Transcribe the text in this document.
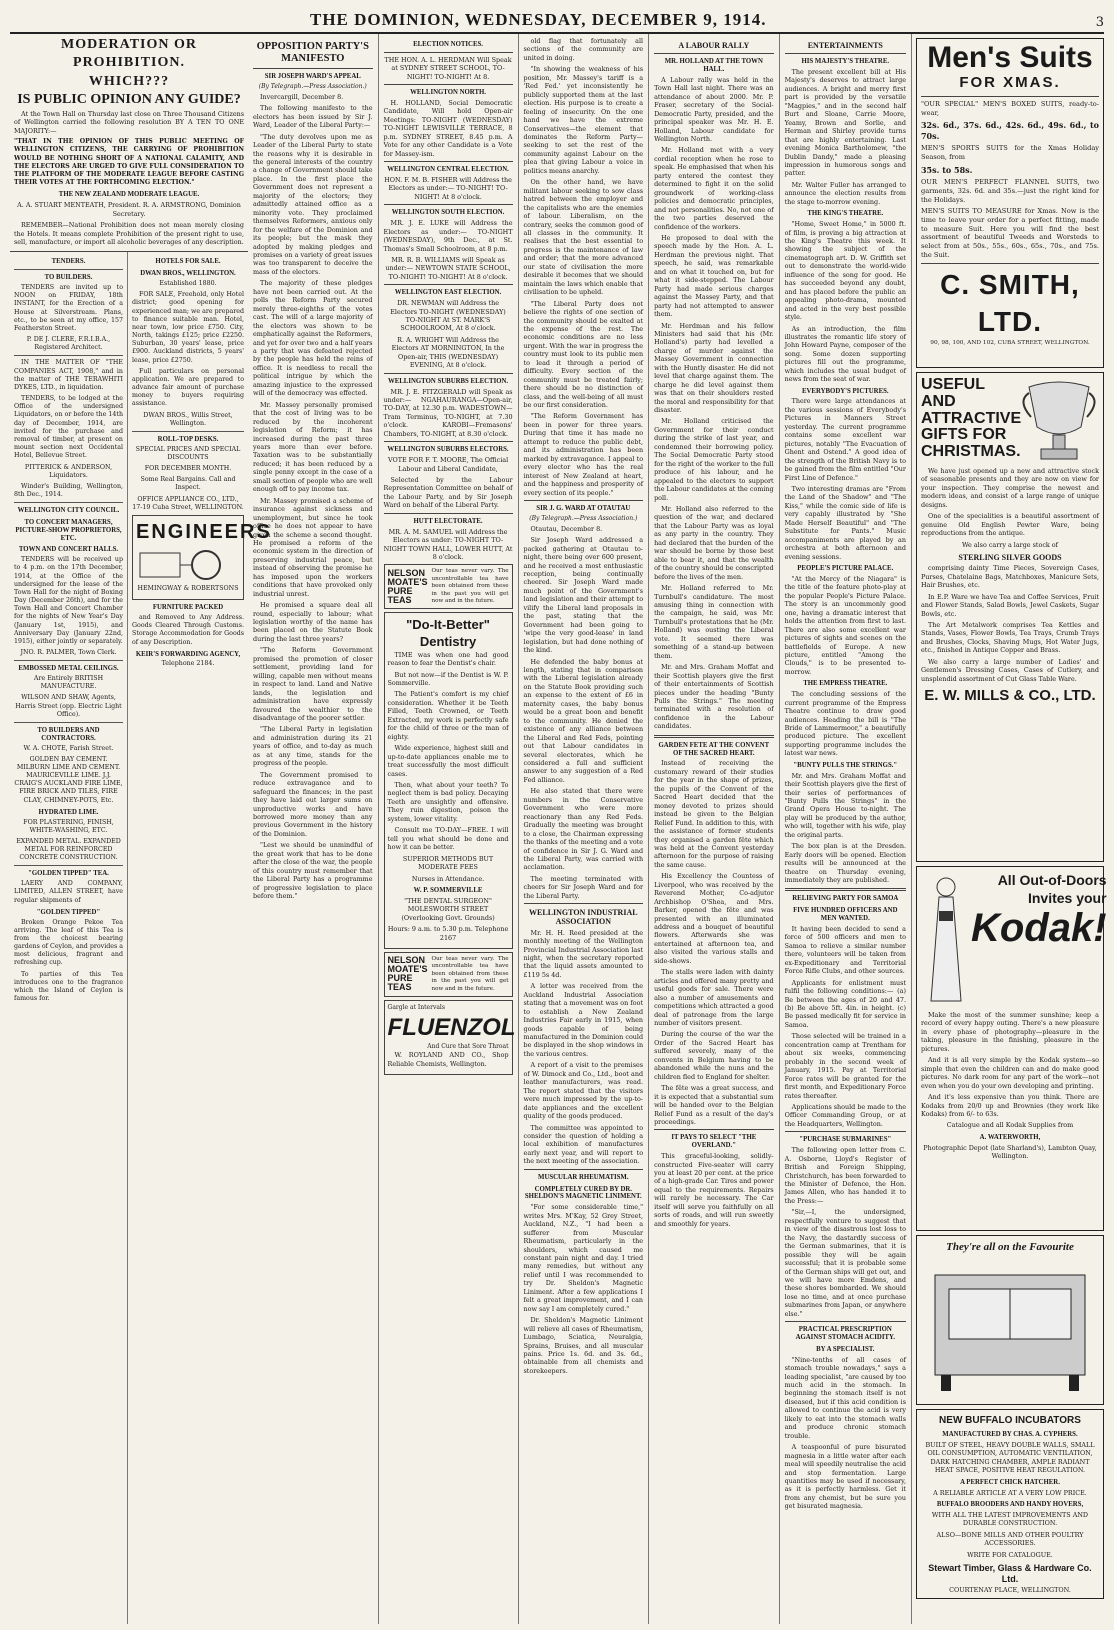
THE DOMINION, WEDNESDAY, DECEMBER 9, 1914.	3
MODERATION OR PROHIBITION.
WHICH???
IS PUBLIC OPINION ANY GUIDE?

At the Town Hall on Thursday last close on Three Thousand Citizens of Wellington carried the following resolution BY A TEN TO ONE MAJORITY:—

"THAT IN THE OPINION OF THIS PUBLIC MEETING OF WELLINGTON CITIZENS, THE CARRYING OF PROHIBITION WOULD BE NOTHING SHORT OF A NATIONAL CALAMITY, AND THE ELECTORS ARE URGED TO GIVE FULL CONSIDERATION TO THE PLATFORM OF THE MODERATE LEAGUE BEFORE CASTING THEIR VOTES AT THE FORTHCOMING ELECTION."

THE NEW ZEALAND MODERATE LEAGUE.

A. A. STUART MENTEATH, President. R. A. ARMSTRONG, Dominion Secretary.

REMEMBER—National Prohibition does not mean merely closing the Hotels. It means complete Prohibition of the present right to use, sell, manufacture, or import all alcoholic beverages of any description.

TENDERS.
TO BUILDERS.

TENDERS are invited up to NOON on FRIDAY, 18th INSTANT, for the Erection of a House at Silverstream. Plans, etc., to be seen at my office, 157 Featherston Street.

P. DE J. CLERE, F.R.I.B.A., Registered Architect.

IN THE MATTER OF "THE COMPANIES ACT, 1908," and in the matter of THE TERAWHITI DYKES, LTD., in liquidation.

TENDERS, to be lodged at the Office of the undersigned Liquidators, on or before the 14th day of December, 1914, are invited for the purchase and removal of timber, at present on mount section next Occidental Hotel, Bellevue Street.

PITTERICK & ANDERSON, Liquidators.

Winder's Building, Wellington, 8th Dec., 1914.

WELLINGTON CITY COUNCIL.
TO CONCERT MANAGERS, PICTURE-SHOW PROPRIETORS, ETC.
TOWN AND CONCERT HALLS.

TENDERS will be received up to 4 p.m. on the 17th December, 1914, at the Office of the undersigned for the lease of the Town Hall for the night of Boxing Day (December 26th), and for the Town Hall and Concert Chamber for the nights of New Year's Day (January 1st, 1915), and Anniversary Day (January 22nd, 1915), either jointly or separately.

JNO. R. PALMER, Town Clerk.

EMBOSSED METAL CEILINGS.

Are Entirely BRITISH MANUFACTURE.

WILSON AND SHAW, Agents, Harris Street (opp. Electric Light Office).

TO BUILDERS AND CONTRACTORS.

W. A. CHOTE, Farish Street.

GOLDEN BAY CEMENT. MILBURN LIME AND CEMENT. MAURICEVILLE LIME. J.J. CRAIG'S AUCKLAND FIRE LIME, FIRE BRICK AND TILES, FIRE CLAY, CHIMNEY-POTS, Etc.

HYDRATED LIME.

FOR PLASTERING, FINISH, WHITE-WASHING, ETC.

EXPANDED METAL. EXPANDED METAL FOR REINFORCED CONCRETE CONSTRUCTION.

"GOLDEN TIPPED" TEA.

LAERY AND COMPANY, LIMITED, ALLEN STREET, have regular shipments of

"GOLDEN TIPPED"

Broken Orange Pekoe Tea arriving. The leaf of this Tea is from the choicest bearing gardens of Ceylon, and provides a most delicious, fragrant and refreshing cup.

To parties of this Tea introduces one to the fragrance which the Island of Ceylon is famous for.

HOTELS FOR SALE.
DWAN BROS., WELLINGTON.

Established 1880.

FOR SALE, Freehold, only Hotel district; good opening for experienced man; we are prepared to finance suitable man. Hotel, near town, low price £750. City, North, takings £125; price £2250. Suburban, 30 years' lease, price £900. Auckland districts, 5 years' lease, price £2750.

Full particulars on personal application. We are prepared to advance fair amount of purchase money to buyers requiring assistance.

DWAN BROS., Willis Street, Wellington.

ROLL-TOP DESKS.

SPECIAL PRICES AND SPECIAL DISCOUNTS

FOR DECEMBER MONTH.

Some Real Bargains. Call and Inspect.

OFFICE APPLIANCE CO., LTD., 17-19 Cuba Street, WELLINGTON.

ENGINEERS

HEMINGWAY & ROBERTSONS

FURNITURE PACKED

and Removed to Any Address. Goods Cleared Through Customs. Storage Accommodation for Goods of any Description.

KEIR'S FORWARDING AGENCY,

Telephone 2184.

OPPOSITION PARTY'S MANIFESTO
SIR JOSEPH WARD'S APPEAL
(By Telegraph.—Press Association.)

Invercargill, December 8.

The following manifesto to the electors has been issued by Sir J. Ward, Leader of the Liberal Party:—

"The duty devolves upon me as Leader of the Liberal Party to state the reasons why it is desirable in the general interests of the country a change of Government should take place. In the first place the Government does not represent a majority of the electors; they admittedly attained office as a minority vote. They proclaimed themselves Reformers, anxious only for the welfare of the Dominion and its people; but the mask they adopted by making pledges and promises on a variety of great issues was too transparent to deceive the mass of the electors.

The majority of these pledges have not been carried out. At the polls the Reform Party secured merely three-eighths of the votes cast. The will of a large majority of the electors was shown to be emphatically against the Reformers, and yet for over two and a half years a party that was defeated rejected by the people has held the reins of office. It is needless to recall the political intrigue by which the amazing injustice to the expressed will of the democracy was effected.

Mr. Massey personally promised that the cost of living was to be reduced by the incoherent legislation of Reform; it has increased during the past three years more than ever before. Taxation was to be substantially reduced; it has been reduced by a single penny except in the case of a small section of people who are well enough off to pay income tax.

Mr. Massey promised a scheme of insurance against sickness and unemployment, but since he took office he does not appear to have given the scheme a second thought. He promised a reform of the economic system in the direction of preserving industrial peace, but instead of observing the promise he has imposed upon the workers conditions that have provoked only industrial unrest.

He promised a square deal all round, especially to labour; what legislation worthy of the name has been placed on the Statute Book during the last three years?

"The Reform Government promised the promotion of closer settlement, providing land for willing, capable men without means in respect to land. Land and Native lands, the legislation and administration have expressly favoured the wealthier to the disadvantage of the poorer settler.

"The Liberal Party in legislation and administration during its 21 years of office, and to-day as much as at any time, stands for the progress of the people.

The Government promised to reduce extravagance and to safeguard the finances; in the past they have laid out larger sums on unproductive works and have borrowed more money than any previous Government in the history of the Dominion.

"Lest we should be unmindful of the great work that has to be done after the close of the war, the people of this country must remember that the Liberal Party has a programme of progressive legislation to place before them."

ELECTION NOTICES.

THE HON. A. L. HERDMAN Will Speak at SYDNEY STREET SCHOOL, TO-NIGHT! TO-NIGHT! At 8.

WELLINGTON NORTH.

H. HOLLAND, Social Democratic Candidate, Will hold Open-air Meetings: TO-NIGHT (WEDNESDAY) TO-NIGHT LEWISVILLE TERRACE, 8 p.m. SYDNEY STREET, 8.45 p.m. A Vote for any other Candidate is a Vote for Massey-ism.

WELLINGTON CENTRAL ELECTION.

HON. F. M. B. FISHER will Address the Electors as under:— TO-NIGHT! TO-NIGHT! At 8 o'clock.

WELLINGTON SOUTH ELECTION.

MR. J. E. LUKE will Address the Electors as under:— TO-NIGHT (WEDNESDAY), 9th Dec., at St. Thomas's Small Schoolroom, at 8 p.m.

MR. R. B. WILLIAMS will Speak as under:— NEWTOWN STATE SCHOOL, TO-NIGHT! TO-NIGHT! At 8 o'clock.

WELLINGTON EAST ELECTION.

DR. NEWMAN will Address the Electors TO-NIGHT (WEDNESDAY) TO-NIGHT At ST. MARK'S SCHOOLROOM, At 8 o'clock.

R. A. WRIGHT Will Address the Electors AT MORNINGTON, In the Open-air, THIS (WEDNESDAY) EVENING, At 8 o'clock.

WELLINGTON SUBURBS ELECTION.

MR. J. E. FITZGERALD will Speak as under:— NGAHAURANGA—Open-air, TO-DAY, at 12.30 p.m. WADESTOWN—Tram Terminus, TO-NIGHT, at 7.30 o'clock. KAROBI—Fremasons' Chambers, TO-NIGHT, at 8.30 o'clock.

WELLINGTON SUBURBS ELECTORS.

VOTE FOR F. T. MOORE, The Official Labour and Liberal Candidate,

Selected by the Labour Representation Committee on behalf of the Labour Party, and by Sir Joseph Ward on behalf of the Liberal Party.

HUTT ELECTORATE.

MR. A. M. SAMUEL will Address the Electors as under: TO-NIGHT TO-NIGHT TOWN HALL, LOWER HUTT, At 8 o'clock.

NELSON MOATE'S PURE TEAS
Our teas never vary. The uncontrollable tea have been obtained from these in the past you will get now and in the future.
"Do-It-Better" Dentistry

TIME was when one had good reason to fear the Dentist's chair.

But not now—if the Dentist is W. P. Sommerville.

The Patient's comfort is my chief consideration. Whether it be Teeth Filled, Teeth Crowned, or Teeth Extracted, my work is perfectly safe for the child of three or the man of eighty.

Wide experience, highest skill and up-to-date appliances enable me to treat successfully the most difficult cases.

Then, what about your teeth? To neglect them is bad policy. Decaying Teeth are unsightly and offensive. They ruin digestion, poison the system, lower vitality.

Consult me TO-DAY—FREE. I will tell you what should be done and how it can be better.

SUPERIOR METHODS BUT MODERATE FEES

Nurses in Attendance.

W. P. SOMMERVILLE

"THE DENTAL SURGEON" MOLESWORTH STREET (Overlooking Govt. Grounds)

Hours: 9 a.m. to 5.30 p.m. Telephone 2167

NELSON MOATE'S PURE TEAS
Our teas never vary. The uncontrollable tea have been obtained from these in the past you will get now and in the future.
Gargle at Intervals
FLUENZOL
And Cure that Sore Throat

W. ROYLAND AND CO., Shop Reliable Chemists, Wellington.

old flag that fortunately all sections of the community are united in doing.

"In showing the weakness of his position, Mr. Massey's tariff is a 'Red Fed.' yet inconsistently he publicly supported them at the last election. His purpose is to create a feeling of insecurity. On the one hand we have the extreme Conservatives—the element that dominates the Reform Party—seeking to set the rest of the community against Labour on the plea that giving Labour a voice in politics means anarchy.

On the other hand, we have militant labour seeking to sow class hatred between the employer and the capitalists who are the enemies of labour. Liberalism, on the contrary, seeks the common good of all classes in the community. It realises that the best essential to progress is the maintenance of law and order; that the more advanced our state of civilisation the more desirable it becomes that we should maintain the laws which enable that civilisation to be upheld.

"The Liberal Party does not believe the rights of one section of the community should be exalted at the expense of the rest. The economic conditions are no less urgent. With the war in progress the country must look to its public men to lead it through a period of difficulty. Every section of the community must be treated fairly; there should be no distinction of class, and the well-being of all must be our first consideration.

"The Reform Government has been in power for three years. During that time it has made no attempt to reduce the public debt, and its administration has been marked by extravagance. I appeal to every elector who has the real interest of New Zealand at heart, and the happiness and prosperity of every section of its people."

SIR J. G. WARD AT OTAUTAU
(By Telegraph.—Press Association.)

Otautau, December 8.

Sir Joseph Ward addressed a packed gathering at Otautau to-night, there being over 600 present, and he received a most enthusiastic reception, being continually cheered. Sir Joseph Ward made much point of the Government's land legislation and their attempt to vilify the Liberal land proposals in the past, stating that the Government had been going to 'wipe the very good-lease' in land legislation, but had done nothing of the kind.

He defended the baby bonus at length, stating that in comparison with the Liberal legislation already on the Statute Book providing such an expense to the extent of £6 in maternity cases, the baby bonus would be a great boon and benefit to the community. He denied the existence of any alliance between the Liberal and Red Feds, pointing out that Labour candidates in several electorates, which he considered a full and sufficient answer to any suggestion of a Red Fed alliance.

He also stated that there were numbers in the Conservative Government who were more reactionary than any Red Feds. Gradually the meeting was brought to a close, the Chairman expressing the thanks of the meeting and a vote of confidence in Sir J. G. Ward and the Liberal Party, was carried with acclamation.

The meeting terminated with cheers for Sir Joseph Ward and for the Liberal Party.

WELLINGTON INDUSTRIAL ASSOCIATION

Mr. H. H. Reed presided at the monthly meeting of the Wellington Provincial Industrial Association last night, when the secretary reported that the liquid assets amounted to £119 5s 4d.

A letter was received from the Auckland Industrial Association stating that a movement was on foot to establish a New Zealand Industries Fair early in 1915, when goods capable of being manufactured in the Dominion could be displayed in the shop windows in the various centres.

A report of a visit to the premises of W. Dimock and Co., Ltd., boot and leather manufacturers, was read. The report stated that the visitors were much impressed by the up-to-date appliances and the excellent quality of the goods produced.

The committee was appointed to consider the question of holding a local exhibition of manufactures early next year, and will report to the next meeting of the association.

MUSCULAR RHEUMATISM.
COMPLETELY CURED BY DR. SHELDON'S MAGNETIC LINIMENT.

"For some considerable time," writes Mrs. M'Kay, 52 Grey Street, Auckland, N.Z., "I had been a sufferer from Muscular Rheumatism, particularly in the shoulders, which caused me constant pain night and day. I tried many remedies, but without any relief until I was recommended to try Dr. Sheldon's Magnetic Liniment. After a few applications I felt a great improvement, and I can now say I am completely cured."

Dr. Sheldon's Magnetic Liniment will relieve all cases of Rheumatism, Lumbago, Sciatica, Neuralgia, Sprains, Bruises, and all muscular pains. Price 1s. 6d. and 3s. 6d., obtainable from all chemists and storekeepers.

A LABOUR RALLY
MR. HOLLAND AT THE TOWN HALL.

A Labour rally was held in the Town Hall last night. There was an attendance of about 2000. Mr. P. Fraser, secretary of the Social-Democratic Party, presided, and the principal speaker was Mr. H. E. Holland, Labour candidate for Wellington North.

Mr. Holland met with a very cordial reception when he rose to speak. He emphasised that when his party entered the contest they determined to fight it on the solid groundwork of working-class policies and democratic principles, and not personalities. No, not one of the two parties deserved the confidence of the workers.

He proposed to deal with the speech made by the Hon. A. L. Herdman the previous night. That speech, he said, was remarkable and on what it touched on, but for what it side-stepped. The Labour Party had made serious charges against the Massey Party, and that party had not attempted to answer them.

Mr. Herdman and his fellow Ministers had said that his (Mr. Holland's) party had levelled a charge of murder against the Massey Government in connection with the Huntly disaster. He did not level that charge against them. The charge he did level against them was that on their shoulders rested the moral and responsibility for that disaster.

Mr. Holland criticised the Government for their conduct during the strike of last year, and condemned their borrowing policy. The Social Democratic Party stood for the right of the worker to the full produce of his labour, and he appealed to the electors to support the Labour candidates at the coming poll.

Mr. Holland also referred to the question of the war, and declared that the Labour Party was as loyal as any party in the country. They had declared that the burden of the war should be borne by those best able to bear it, and that the wealth of the country should be conscripted before the lives of the men.

Mr. Holland referred to Mr. Turnbull's candidature. The most amusing thing in connection with the campaign, he said, was Mr. Turnbull's protestations that he (Mr. Holland) was ousting the Liberal vote. It seemed there was something of a stand-up between them.

Mr. and Mrs. Graham Moffat and their Scottish players give the first of their entertainments of Scottish pieces under the heading "Bunty Pulls the Strings." The meeting terminated with a resolution of confidence in the Labour candidates.

GARDEN FETE AT THE CONVENT OF THE SACRED HEART.

Instead of receiving the customary reward of their studies for the year in the shape of prizes, the pupils of the Convent of the Sacred Heart decided that the money devoted to prizes should instead be given to the Belgian Relief Fund. In addition to this, with the assistance of former students they organised a garden fête which was held at the Convent yesterday afternoon for the purpose of raising the same cause.

His Excellency the Countess of Liverpool, who was received by the Reverend Mother, Co-adjutor Archbishop O'Shea, and Mrs. Barker, opened the fête and was presented with an illuminated address and a bouquet of beautiful flowers. Afterwards she was entertained at afternoon tea, and also visited the various stalls and side-shows.

The stalls were laden with dainty articles and offered many pretty and useful goods for sale. There were also a number of amusements and competitions which attracted a good deal of patronage from the large number of visitors present.

During the course of the war the Order of the Sacred Heart has suffered severely, many of the convents in Belgium having to be abandoned while the nuns and the children fled to England for shelter.

The fête was a great success, and it is expected that a substantial sum will be handed over to the Belgian Relief Fund as a result of the day's proceedings.

IT PAYS TO SELECT "THE OVERLAND."

This graceful-looking, solidly-constructed Five-seater will carry you at least 20 per cent. at the price of a high-grade Car. Tires and power equal to the requirements. Repairs will rarely be necessary. The Car itself will serve you faithfully on all sorts of roads, and will run sweetly and smoothly for years.

ENTERTAINMENTS
HIS MAJESTY'S THEATRE.

The present excellent bill at His Majesty's deserves to attract large audiences. A bright and merry first part is provided by the versatile "Magpies," and in the second half Burt and Sloane, Carrie Moore, Yeamy, Brown and Sorlie, and Herman and Shirley provide turns that are highly entertaining. Last evening Monica Bartholomew, "the Dublin Dandy," made a pleasing impression in humorous songs and patter.

Mr. Walter Fuller has arranged to announce the election results from the stage to-morrow evening.

THE KING'S THEATRE.

"Home, Sweet Home," in 5000 ft. of film, is proving a big attraction at the King's Theatre this week. It showing the subject of the cinematograph art. D. W. Griffith set out to demonstrate the world-wide influence of the song for good. He has succeeded beyond any doubt, and has placed before the public an appealing photo-drama, mounted and acted in the very best possible style.

As an introduction, the film illustrates the romantic life story of John Howard Payne, composer of the song. Some dozen supporting pictures fill out the programme, which includes the usual budget of news from the seat of war.

EVERYBODY'S PICTURES.

There were large attendances at the various sessions of Everybody's Pictures in Manners Street yesterday. The current programme contains some excellent war pictures, notably "The Evacuation of Ghent and Ostend." A good idea of the strength of the British Navy is to be gained from the film entitled "Our First Line of Defence."

Two interesting dramas are "From the Land of the Shadow" and "The Kiss," while the comic side of life is very capably illustrated by "She Made Herself Beautiful" and "The Substitute for Pants." Music accompaniments are played by an orchestra at both afternoon and evening sessions.

PEOPLE'S PICTURE PALACE.

"At the Mercy of the Niagara" is the title of the feature photo-play at the popular People's Picture Palace. The story is an uncommonly good one, having a dramatic interest that holds the attention from first to last. There are also some excellent war pictures of sights and scenes on the battlefields of Europe. A new picture, entitled "Among the Clouds," is to be presented to-morrow.

THE EMPRESS THEATRE.

The concluding sessions of the current programme of the Empress Theatre continue to draw good audiences. Heading the bill is "The Bride of Lammermoor," a beautifully produced picture. The excellent supporting programme includes the latest war news.

"BUNTY PULLS THE STRINGS."

Mr. and Mrs. Graham Moffat and their Scottish players give the first of their series of performances of "Bunty Pulls the Strings" in the Grand Opera House to-night. The play will be produced by the author, who will, together with his wife, play the original parts.

The box plan is at the Dresden. Early doors will be opened. Election results will be announced at the theatre on Thursday evening, immediately they are published.

RELIEVING PARTY FOR SAMOA
FIVE HUNDRED OFFICERS AND MEN WANTED.

It having been decided to send a force of 500 officers and men to Samoa to relieve a similar number there, volunteers will be taken from ex-Expeditionary and Territorial Force Rifle Clubs, and other sources.

Applicants for enlistment must fulfil the following conditions:— (a) Be between the ages of 20 and 47. (b) Be above 5ft. 4in. in height. (c) Be passed medically fit for service in Samoa.

Those selected will be trained in a concentration camp at Trentham for about six weeks, commencing probably in the second week of January, 1915. Pay at Territorial Force rates will be granted for the first month, and Expeditionary Force rates thereafter.

Applications should be made to the Officer Commanding Group, or at the Headquarters, Wellington.

"PURCHASE SUBMARINES"

The following open letter from C. A. Osborne, Lloyd's Register of British and Foreign Shipping, Christchurch, has been forwarded to the Minister of Defence, the Hon. James Allen, who has handed it to the Press:—

"Sir,—I, the undersigned, respectfully venture to suggest that in view of the disastrous lost loss to the Navy, the dastardly success of the German submarines, that it is possible they will be again successful; that it is probable some of the German ships will get out, and we will have more Emdens, and these shores bombarded. We should lose no time, and at once purchase submarines from Japan, or anywhere else."

PRACTICAL PRESCRIPTION AGAINST STOMACH ACIDITY.
BY A SPECIALIST.

"Nine-tenths of all cases of stomach trouble nowadays," says a leading specialist, "are caused by too much acid in the stomach. In beginning the stomach itself is not diseased, but if this acid condition is allowed to continue the acid is very likely to eat into the stomach walls and produce chronic stomach trouble.

A teaspoonful of pure bisurated magnesia in a little water after each meal will speedily neutralise the acid and stop fermentation. Large quantities may be used if necessary, as it is perfectly harmless. Get it from any chemist, but be sure you get bisurated magnesia.

Men's Suits
FOR XMAS.

"OUR SPECIAL" MEN'S BOXED SUITS, ready-to-wear,

32s. 6d., 37s. 6d., 42s. 6d., 49s. 6d., to 70s.

MEN'S SPORTS SUITS for the Xmas Holiday Season, from

35s. to 58s.

OUR MEN'S PERFECT FLANNEL SUITS, two garments, 32s. 6d. and 35s.—just the right kind for the Holidays.

MEN'S SUITS TO MEASURE for Xmas. Now is the time to leave your order for a perfect fitting, made to measure Suit. Here you will find the best assortment of beautiful Tweeds and Worsteds to select from at 50s., 55s., 60s., 65s., 70s., and 75s. the Suit.

C. SMITH, LTD.

90, 98, 100, AND 102, CUBA STREET, WELLINGTON.

USEFUL AND ATTRACTIVE GIFTS FOR CHRISTMAS.

We have just opened up a new and attractive stock of seasonable presents and they are now on view for your inspection. They comprise the newest and modern ideas, and consist of a large range of unique designs.

One of the specialities is a beautiful assortment of genuine Old English Pewter Ware, being reproductions from the antique.

We also carry a large stock of

STERLING SILVER GOODS

comprising dainty Time Pieces, Sovereign Cases, Purses, Chatelaine Bags, Matchboxes, Manicure Sets, Hair Brushes, etc.

In E.P. Ware we have Tea and Coffee Services, Fruit and Flower Stands, Salad Bowls, Jewel Caskets, Sugar Bowls, etc.

The Art Metalwork comprises Tea Kettles and Stands, Vases, Flower Bowls, Tea Trays, Crumb Trays and Brushes, Clocks, Shaving Mugs, Hot Water Jugs, etc., finished in Antique Copper and Brass.

We also carry a large number of Ladies' and Gentlemen's Dressing Cases, Cases of Cutlery, and unsplendid assortment of Cut Glass Table Ware.

E. W. MILLS & CO., LTD.
All Out-of-Doors
Invites your
Kodak!

Make the most of the summer sunshine; keep a record of every happy outing. There's a new pleasure in every phase of photography—pleasure in the taking, pleasure in the finishing, pleasure in the pictures.

And it is all very simple by the Kodak system—so simple that even the children can and do make good pictures. No dark room for any part of the work—not even when you do your own developing and printing.

And it's less expensive than you think. There are Kodaks from 20/0 up and Brownies (they work like Kodaks) from 6/- to 63s.

Catalogue and all Kodak Supplies from

A. WATERWORTH,

Photographic Depot (late Sharland's), Lambton Quay, Wellington.

They're all on the Favourite
NEW BUFFALO INCUBATORS
MANUFACTURED BY CHAS. A. CYPHERS.

BUILT OF STEEL, HEAVY DOUBLE WALLS, SMALL OIL CONSUMPTION, AUTOMATIC VENTILATION, DARK HATCHING CHAMBER, AMPLE RADIANT HEAT SPACE, POSITIVE HEAT REGULATION.

A PERFECT CHICK HATCHER.

A RELIABLE ARTICLE AT A VERY LOW PRICE.

BUFFALO BROODERS AND HANDY HOVERS,

WITH ALL THE LATEST IMPROVEMENTS AND DURABLE CONSTRUCTION.

ALSO—BONE MILLS AND OTHER POULTRY ACCESSORIES.

WRITE FOR CATALOGUE.

Stewart Timber, Glass & Hardware Co. Ltd.

COURTENAY PLACE, WELLINGTON.
